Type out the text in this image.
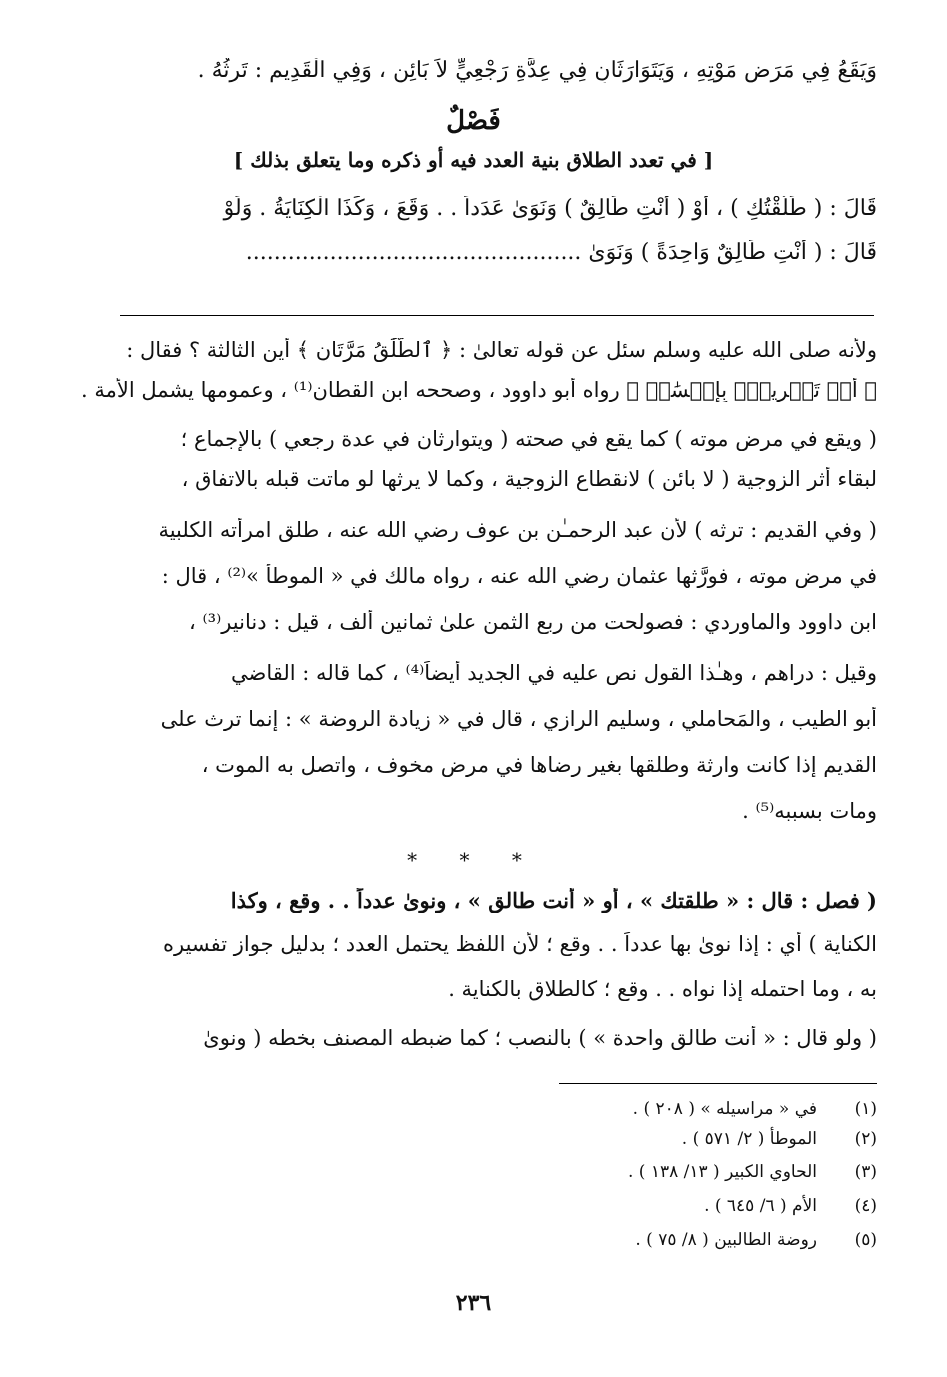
وَيَقَعُ فِي مَرَضِ مَوْتِهِ ، وَيَتَوَارَثَانِ فِي عِدَّةِ رَجْعِيٍّ لاَ بَائِنٍ ، وَفِي الْقَدِيمِ : تَرِثُهُ .
فَصْلٌ
[ في تعدد الطلاق بنية العدد فيه أو ذكره وما يتعلق بذلك ]
قَالَ : ( طَلَّقْتُكِ ) ، أَوْ ( أَنْتِ طَالِقٌ ) وَنَوَىٰ عَدَداً . . وَقَعَ ، وَكَذَا الْكِنَايَةُ . وَلَوْ
قَالَ : ( أَنْتِ طَالِقٌ وَاحِدَةً ) وَنَوَىٰ ................................................
ولأنه صلى الله عليه وسلم سئل عن قوله تعالىٰ : ﴿ ٱلطَّلَٰقُ مَرَّتَانِ ﴾ أين الثالثة ؟ فقال :
﴿ أَوۡ تَسۡرِيحُۢ بِإِحۡسَٰنٖ ﴾ رواه أبو داوود ، وصححه ابن القطان⁽¹⁾ ، وعمومها يشمل الأمة .
( ويقع في مرض موته ) كما يقع في صحته ( ويتوارثان في عدة رجعي ) بالإجماع ؛
لبقاء أثر الزوجية ( لا بائن ) لانقطاع الزوجية ، وكما لا يرثها لو ماتت قبله بالاتفاق ،
( وفي القديم : ترثه ) لأن عبد الرحمـٰن بن عوف رضي الله عنه ، طلق امرأته الكلبية
في مرض موته ، فورَّثها عثمان رضي الله عنه ، رواه مالك في « الموطأ »⁽²⁾ ، قال :
ابن داوود والماوردي : فصولحت من ربع الثمن علىٰ ثمانين ألف ، قيل : دنانير⁽³⁾ ،
وقيل : دراهم ، وهـٰذا القول نص عليه في الجديد أيضاً⁽⁴⁾ ، كما قاله : القاضي
أبو الطيب ، والمَحاملي ، وسليم الرازي ، قال في « زيادة الروضة » : إنما ترث على
القديم إذا كانت وارثة وطلقها بغير رضاها في مرض مخوف ، واتصل به الموت ،
ومات بسببه⁽⁵⁾ .
* * *
( فصل : قال : « طلقتك » ، أو « أنت طالق » ، ونوىٰ عدداً . . وقع ، وكذا
الكناية ) أي : إذا نوىٰ بها عدداً . . وقع ؛ لأن اللفظ يحتمل العدد ؛ بدليل جواز تفسيره
به ، وما احتمله إذا نواه . . وقع ؛ كالطلاق بالكناية .
( ولو قال : « أنت طالق واحدة » ) بالنصب ؛ كما ضبطه المصنف بخطه ( ونوىٰ
(١)
في « مراسيله » ( ٢٠٨ ) .
(٢)
الموطأ ( ٢/ ٥٧١ ) .
(٣)
الحاوي الكبير ( ١٣/ ١٣٨ ) .
(٤)
الأم ( ٦/ ٦٤٥ ) .
(٥)
روضة الطالبين ( ٨/ ٧٥ ) .
٢٣٦
